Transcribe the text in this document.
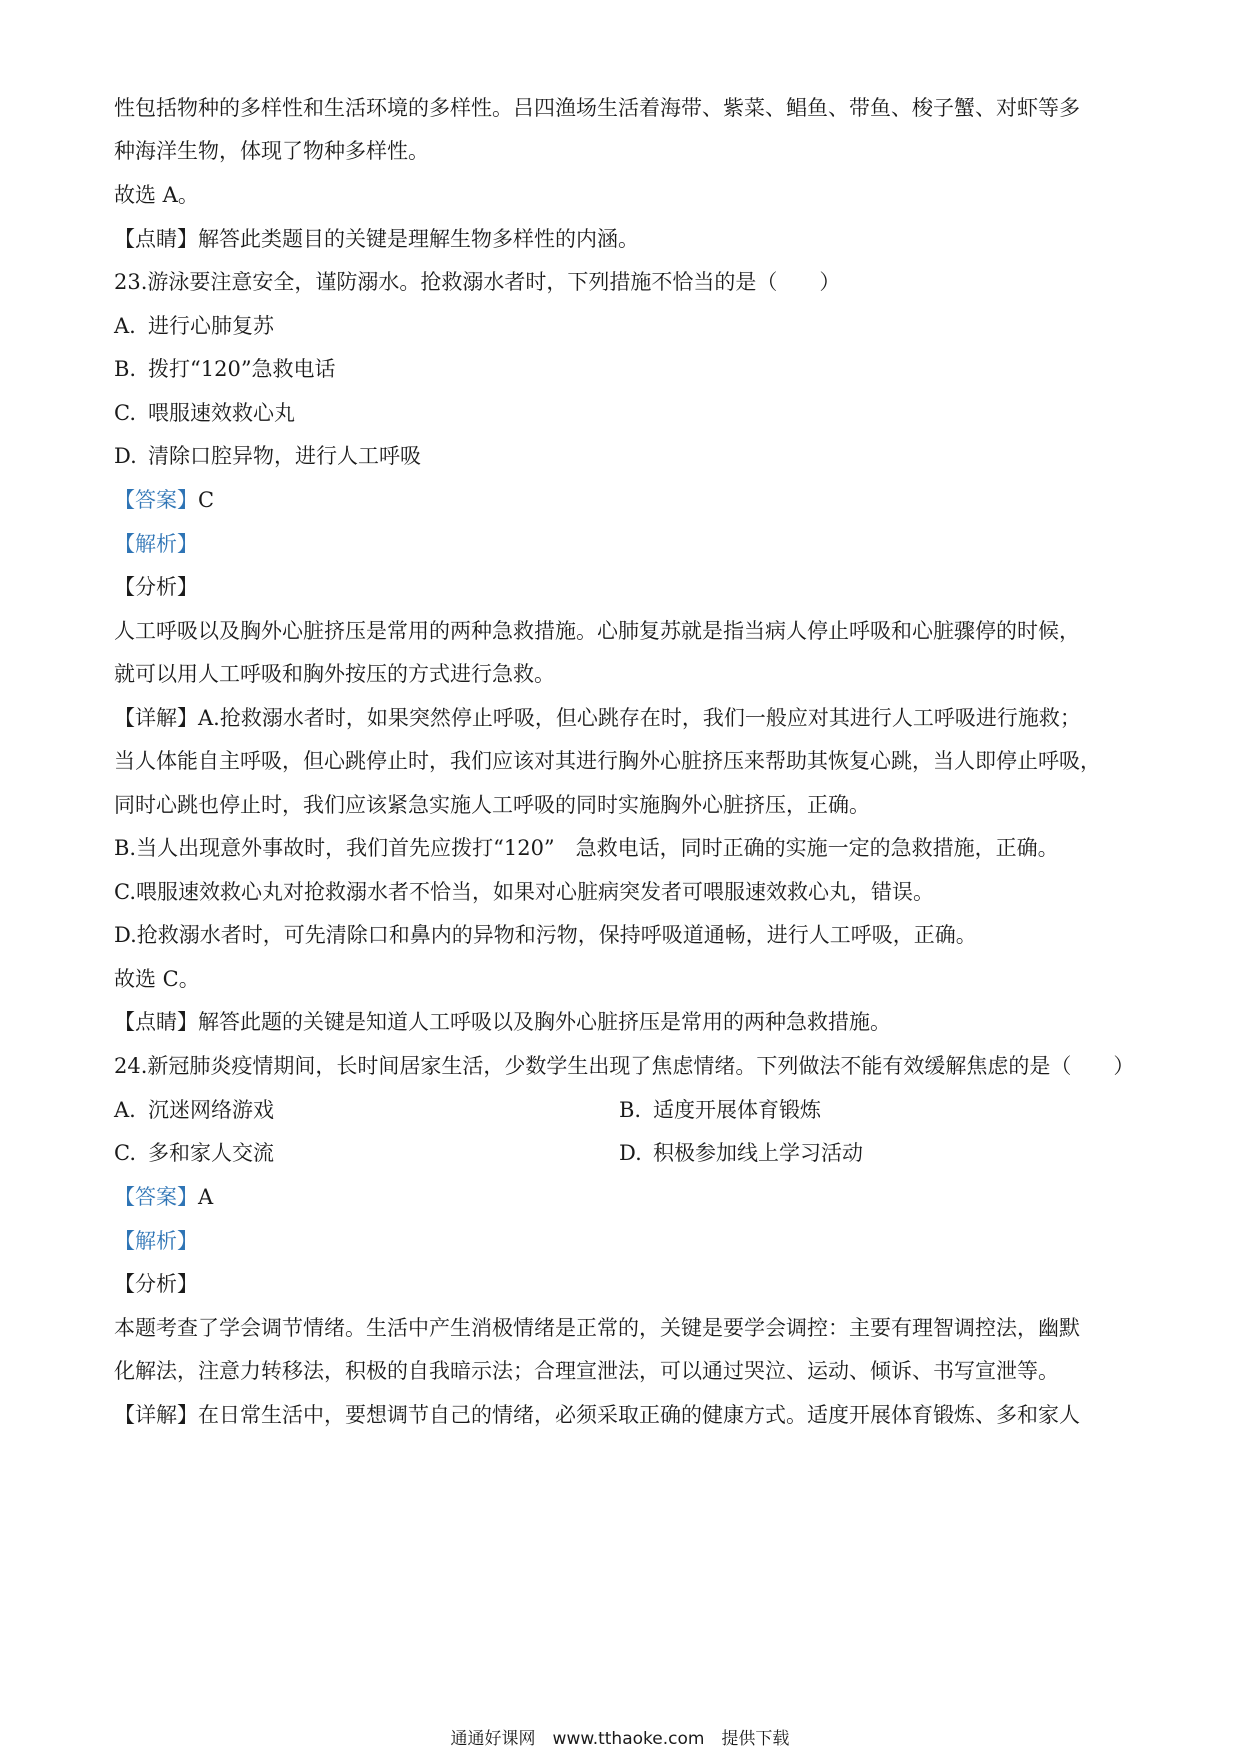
性包括物种的多样性和生活环境的多样性。吕四渔场生活着海带、紫菜、鲳鱼、带鱼、梭子蟹、对虾等多
种海洋生物，体现了物种多样性。
故选 A。
【点睛】解答此类题目的关键是理解生物多样性的内涵。
23.游泳要注意安全，谨防溺水。抢救溺水者时，下列措施不恰当的是（　　）
A. 进行心肺复苏
B. 拨打“120”急救电话
C. 喂服速效救心丸
D. 清除口腔异物，进行人工呼吸
【答案】C
【解析】
【分析】
人工呼吸以及胸外心脏挤压是常用的两种急救措施。心肺复苏就是指当病人停止呼吸和心脏骤停的时候，
就可以用人工呼吸和胸外按压的方式进行急救。
【详解】A.抢救溺水者时，如果突然停止呼吸，但心跳存在时，我们一般应对其进行人工呼吸进行施救；
当人体能自主呼吸，但心跳停止时，我们应该对其进行胸外心脏挤压来帮助其恢复心跳，当人即停止呼吸，
同时心跳也停止时，我们应该紧急实施人工呼吸的同时实施胸外心脏挤压，正确。
B.当人出现意外事故时，我们首先应拨打“120”　急救电话，同时正确的实施一定的急救措施，正确。
C.喂服速效救心丸对抢救溺水者不恰当，如果对心脏病突发者可喂服速效救心丸，错误。
D.抢救溺水者时，可先清除口和鼻内的异物和污物，保持呼吸道通畅，进行人工呼吸，正确。
故选 C。
【点睛】解答此题的关键是知道人工呼吸以及胸外心脏挤压是常用的两种急救措施。
24.新冠肺炎疫情期间，长时间居家生活，少数学生出现了焦虑情绪。下列做法不能有效缓解焦虑的是（　　）
A. 沉迷网络游戏	B. 适度开展体育锻炼
C. 多和家人交流	D. 积极参加线上学习活动
【答案】A
【解析】
【分析】
本题考查了学会调节情绪。生活中产生消极情绪是正常的，关键是要学会调控：主要有理智调控法，幽默
化解法，注意力转移法，积极的自我暗示法；合理宣泄法，可以通过哭泣、运动、倾诉、书写宣泄等。
【详解】在日常生活中，要想调节自己的情绪，必须采取正确的健康方式。适度开展体育锻炼、多和家人
通通好课网　www.tthaoke.com　提供下载
